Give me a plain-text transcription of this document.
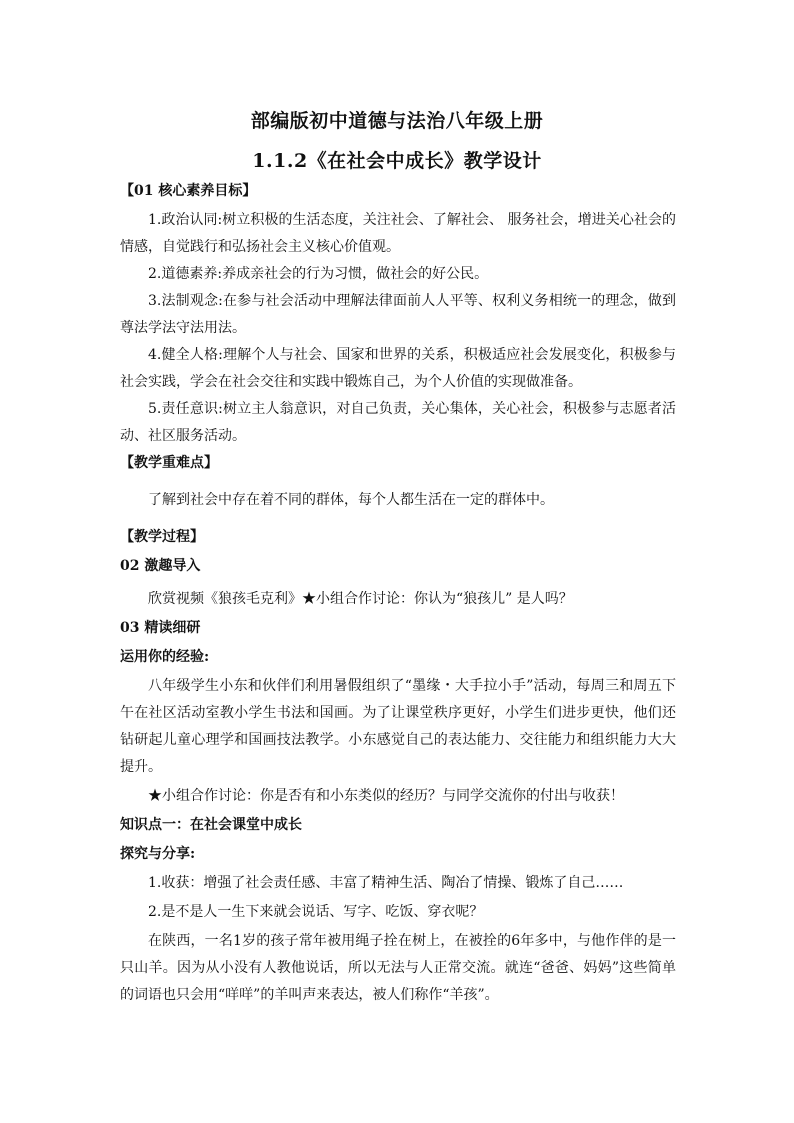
部编版初中道德与法治八年级上册
1.1.2《在社会中成长》教学设计

【01 核心素养目标】

1.政治认同:树立积极的生活态度，关注社会、了解社会、 服务社会，增进关心社会的情感，自觉践行和弘扬社会主义核心价值观。

2.道德素养:养成亲社会的行为习惯，做社会的好公民。

3.法制观念:在参与社会活动中理解法律面前人人平等、权利义务相统一的理念，做到尊法学法守法用法。

4.健全人格:理解个人与社会、国家和世界的关系，积极适应社会发展变化，积极参与社会实践，学会在社会交往和实践中锻炼自己，为个人价值的实现做准备。

5.责任意识:树立主人翁意识，对自己负责，关心集体，关心社会，积极参与志愿者活动、社区服务活动。

【教学重难点】

了解到社会中存在着不同的群体，每个人都生活在一定的群体中。

【教学过程】

02 激趣导入

欣赏视频《狼孩毛克利》★小组合作讨论：你认为“狼孩儿” 是人吗？

03 精读细研

运用你的经验:

八年级学生小东和伙伴们利用暑假组织了“墨缘・大手拉小手”活动，每周三和周五下午在社区活动室教小学生书法和国画。为了让课堂秩序更好，小学生们进步更快，他们还钻研起儿童心理学和国画技法教学。小东感觉自己的表达能力、交往能力和组织能力大大提升。

★小组合作讨论：你是否有和小东类似的经历？与同学交流你的付出与收获！

知识点一：在社会课堂中成长

探究与分享:

1.收获：增强了社会责任感、丰富了精神生活、陶冶了情操、锻炼了自己……

2.是不是人一生下来就会说话、写字、吃饭、穿衣呢？

在陕西，一名1岁的孩子常年被用绳子拴在树上，在被拴的6年多中，与他作伴的是一只山羊。因为从小没有人教他说话，所以无法与人正常交流。就连“爸爸、妈妈”这些简单的词语也只会用“咩咩”的羊叫声来表达，被人们称作“羊孩”。
